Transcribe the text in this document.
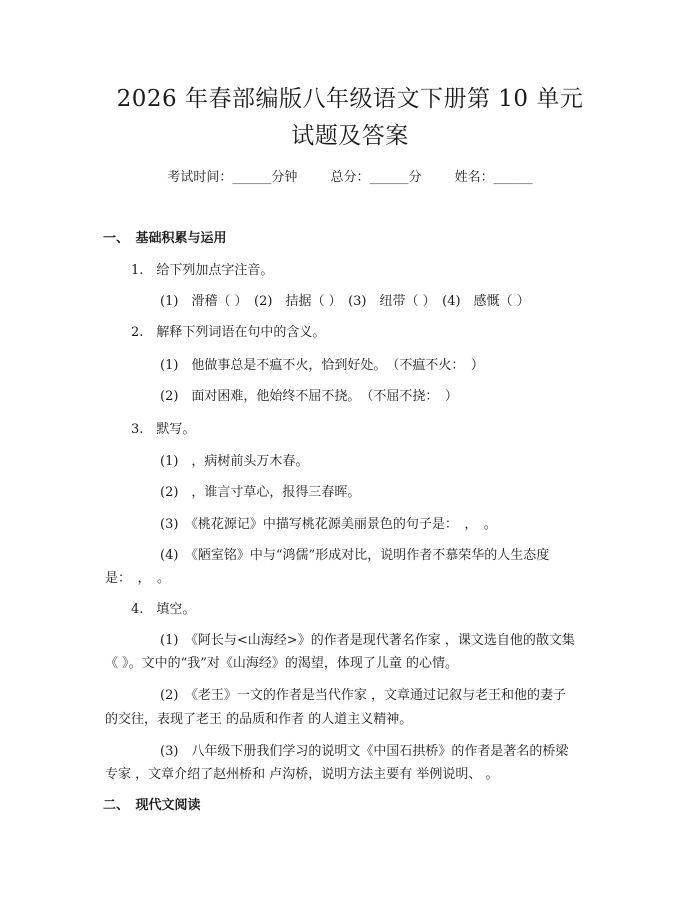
2026 年春部编版八年级语文下册第 10 单元
试题及答案
考试时间：______分钟	总分：______分	姓名：______
一、　基础积累与运用
1.　给下列加点字注音。
(1)　滑稽（ ）　(2)　拮据（ ）　(3)　纽带（ ）　(4)　感慨（ ）
2.　解释下列词语在句中的含义。
(1)　他做事总是不瘟不火，恰到好处。　（不瘟不火：　）
(2)　面对困难，他始终不屈不挠。　（不屈不挠：　）
3.　默写。
(1)　，病树前头万木春。
(2)　，谁言寸草心，报得三春晖。
(3)　《桃花源记》中描写桃花源美丽景色的句子是：　，　。
(4)　《陋室铭》中与“鸿儒”形成对比，说明作者不慕荣华的人生态度
是：　，　。
4.　填空。
(1)　《阿长与<山海经>》的作者是现代著名作家 ，课文选自他的散文集
《 》。文中的“我”对《山海经》的渴望，体现了儿童 的心情。
(2)　《老王》一文的作者是当代作家 ，文章通过记叙与老王和他的妻子
的交往，表现了老王 的品质和作者 的人道主义精神。
(3)　八年级下册我们学习的说明文《中国石拱桥》的作者是著名的桥梁
专家 ，文章介绍了赵州桥和 卢沟桥，说明方法主要有 举例说明、 。
二、　现代文阅读
